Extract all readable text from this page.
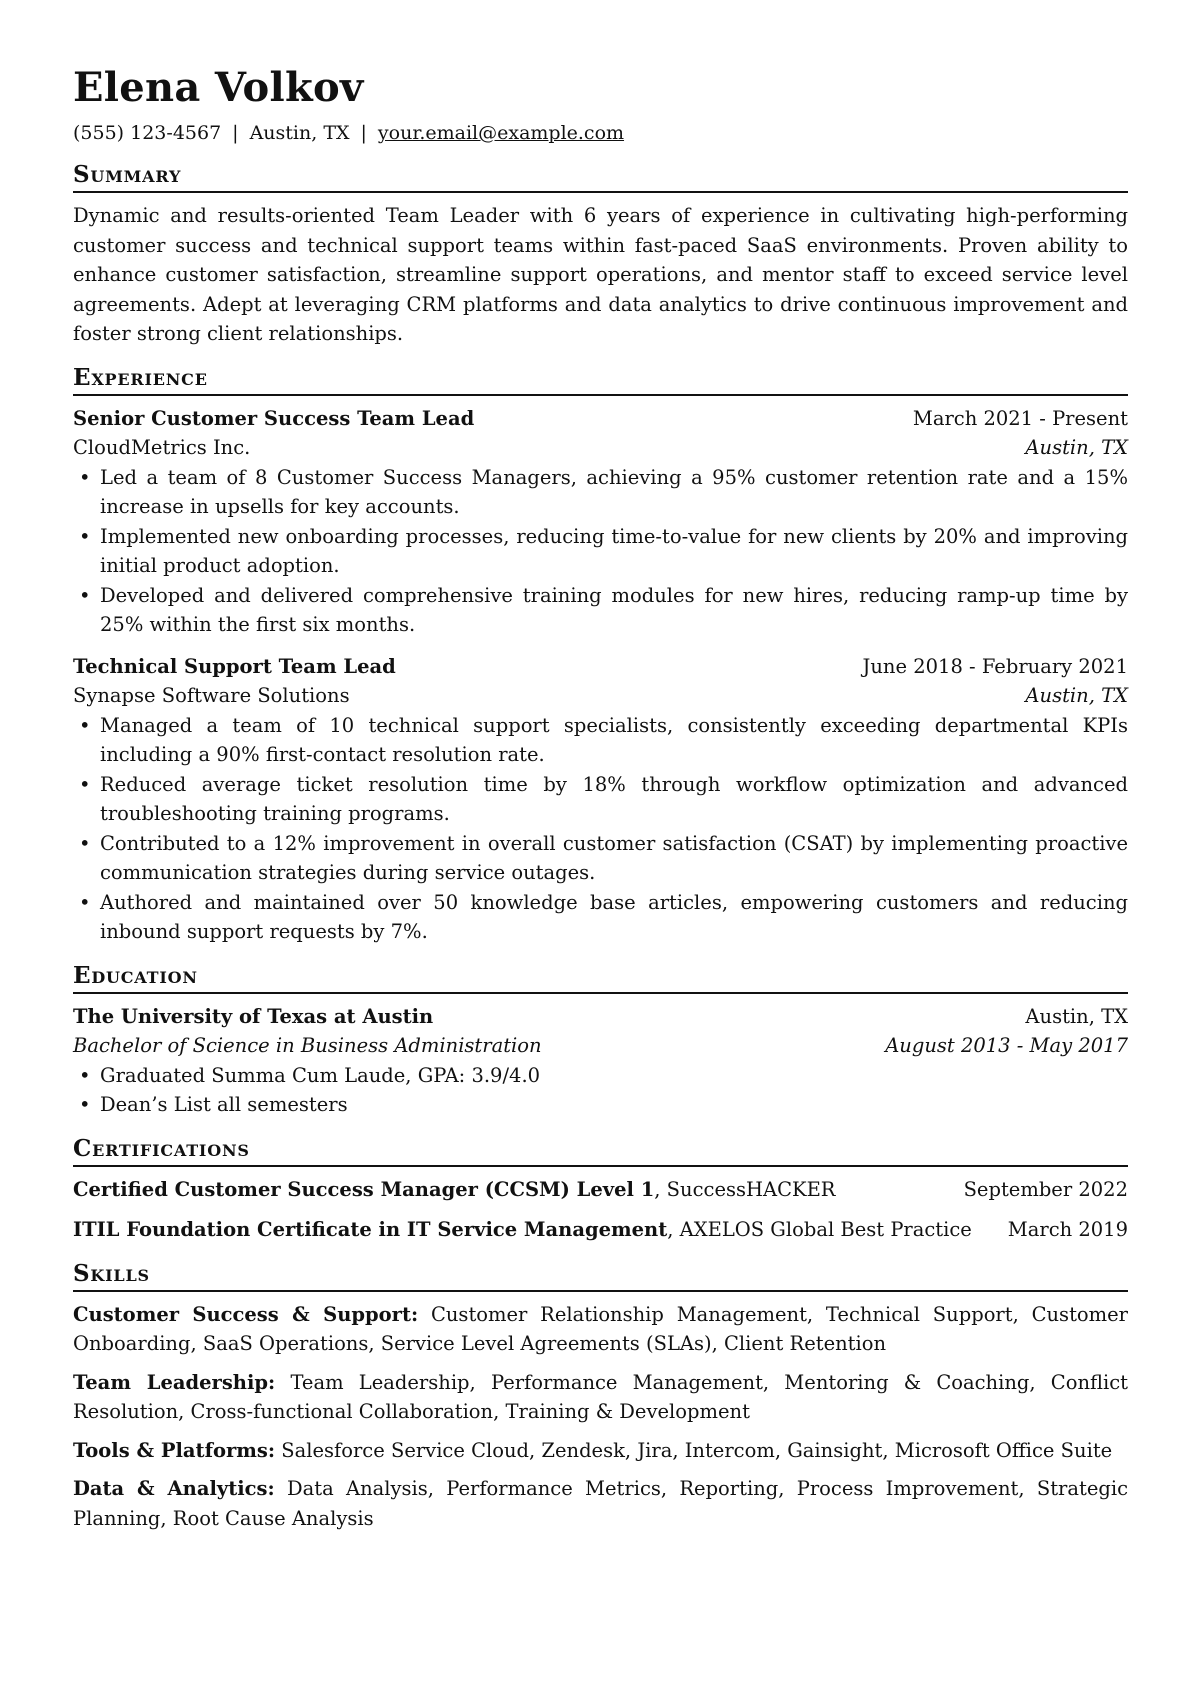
Elena Volkov
(555) 123-4567 | Austin, TX | your.email@example.com
Summary
Dynamic and results-oriented Team Leader with 6 years of experience in cultivating high-performing customer success and technical support teams within fast-paced SaaS environments. Proven ability to enhance customer satisfaction, streamline support operations, and mentor staff to exceed service level agreements. Adept at leveraging CRM platforms and data analytics to drive continuous improvement and foster strong client relationships.
Experience
Senior Customer Success Team Lead	March 2021 - Present
CloudMetrics Inc.	Austin, TX
• Led a team of 8 Customer Success Managers, achieving a 95% customer retention rate and a 15% increase in upsells for key accounts.
• Implemented new onboarding processes, reducing time-to-value for new clients by 20% and improving initial product adoption.
• Developed and delivered comprehensive training modules for new hires, reducing ramp-up time by 25% within the first six months.
Technical Support Team Lead	June 2018 - February 2021
Synapse Software Solutions	Austin, TX
• Managed a team of 10 technical support specialists, consistently exceeding departmental KPIs including a 90% first-contact resolution rate.
• Reduced average ticket resolution time by 18% through workflow optimization and advanced troubleshooting training programs.
• Contributed to a 12% improvement in overall customer satisfaction (CSAT) by implementing proactive communication strategies during service outages.
• Authored and maintained over 50 knowledge base articles, empowering customers and reducing inbound support requests by 7%.
Education
The University of Texas at Austin	Austin, TX
Bachelor of Science in Business Administration	August 2013 - May 2017
• Graduated Summa Cum Laude, GPA: 3.9/4.0
• Dean’s List all semesters
Certifications
Certified Customer Success Manager (CCSM) Level 1, SuccessHACKER	September 2022
ITIL Foundation Certificate in IT Service Management, AXELOS Global Best Practice March 2019
Skills
Customer Success & Support: Customer Relationship Management, Technical Support, Customer Onboarding, SaaS Operations, Service Level Agreements (SLAs), Client Retention
Team Leadership: Team Leadership, Performance Management, Mentoring & Coaching, Conflict Resolution, Cross-functional Collaboration, Training & Development
Tools & Platforms: Salesforce Service Cloud, Zendesk, Jira, Intercom, Gainsight, Microsoft Office Suite
Data & Analytics: Data Analysis, Performance Metrics, Reporting, Process Improvement, Strategic Planning, Root Cause Analysis
